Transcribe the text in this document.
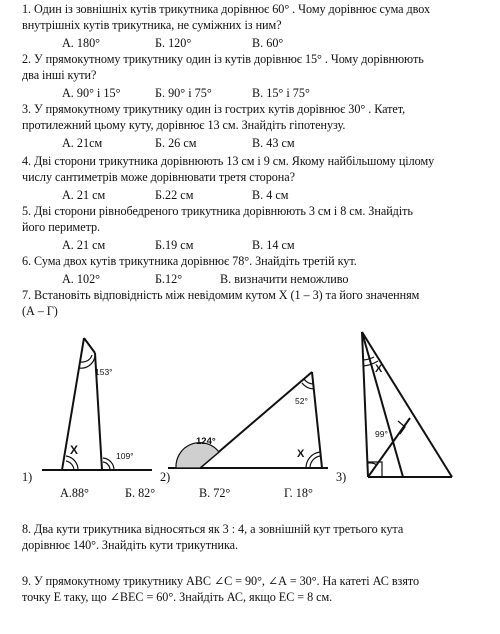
1. Один із зовнішніх кутів трикутника дорівнює 60° . Чому дорівнює сума двох
внутрішніх кутів трикутника, не суміжних із ним?
А. 180°	Б. 120°	В. 60°
2. У прямокутному трикутнику один із кутів дорівнює 15° . Чому дорівнюють
два інші кути?
А. 90° і 15°	Б. 90° і 75°	В. 15° і 75°
3. У прямокутному трикутнику один із гострих кутів дорівнює 30° . Катет,
протилежний цьому куту, дорівнює 13 см. Знайдіть гіпотенузу.
А. 21см	Б. 26 см	В. 43 см
4. Дві сторони трикутника дорівнюють 13 см і 9 см. Якому найбільшому цілому
числу сантиметрів може дорівнювати третя сторона?
А. 21 см	Б.22 см	В. 4 см
5. Дві сторони рівнобедреного трикутника дорівнюють 3 см і 8 см. Знайдіть
його периметр.
А. 21 см	Б.19 см	В. 14 см
6. Сума двох кутів трикутника дорівнює 78°. Знайдіть третій кут.
А. 102°	Б.12°	В. визначити неможливо
7. Встановіть відповідність між невідомим кутом Х (1 – 3) та його значенням
(А – Г)
153°
109°
X
52°
124°
X
X
99°
1)	2)	3)
А.88°	Б. 82°	В. 72°	Г. 18°
8. Два кути трикутника відносяться як 3 : 4, а зовнішній кут третього кута
дорівнює 140°. Знайдіть кути трикутника.
9. У прямокутному трикутнику АВС ∠С = 90°, ∠А = 30°. На катеті АС взято
точку Е таку, що ∠ВЕС = 60°. Знайдіть АС, якщо ЕС = 8 см.
